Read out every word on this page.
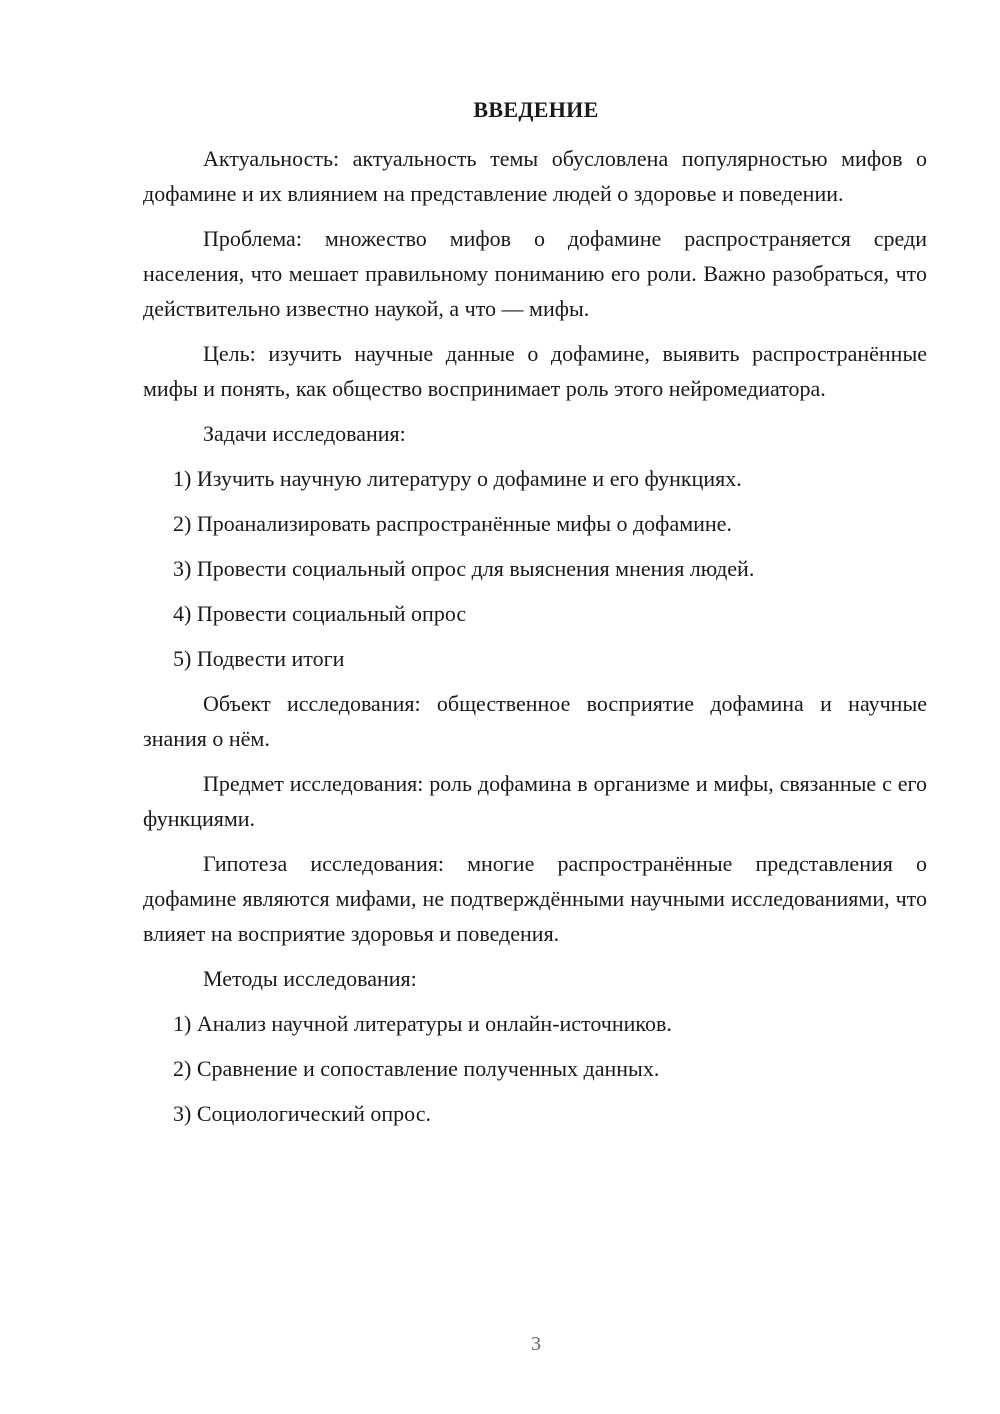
ВВЕДЕНИЕ

Актуальность: актуальность темы обусловлена популярностью мифов о дофамине и их влиянием на представление людей о здоровье и поведении.

Проблема: множество мифов о дофамине распространяется среди населения, что мешает правильному пониманию его роли. Важно разобраться, что действительно известно наукой, а что — мифы.

Цель: изучить научные данные о дофамине, выявить распространённые мифы и понять, как общество воспринимает роль этого нейромедиатора.

Задачи исследования:

1) Изучить научную литературу о дофамине и его функциях.

2) Проанализировать распространённые мифы о дофамине.

3) Провести социальный опрос для выяснения мнения людей.

4) Провести социальный опрос

5) Подвести итоги

Объект исследования: общественное восприятие дофамина и научные знания о нём.

Предмет исследования: роль дофамина в организме и мифы, связанные с его функциями.

Гипотеза исследования: многие распространённые представления о дофамине являются мифами, не подтверждёнными научными исследованиями, что влияет на восприятие здоровья и поведения.

Методы исследования:

1) Анализ научной литературы и онлайн-источников.

2) Сравнение и сопоставление полученных данных.

3) Социологический опрос.

3
